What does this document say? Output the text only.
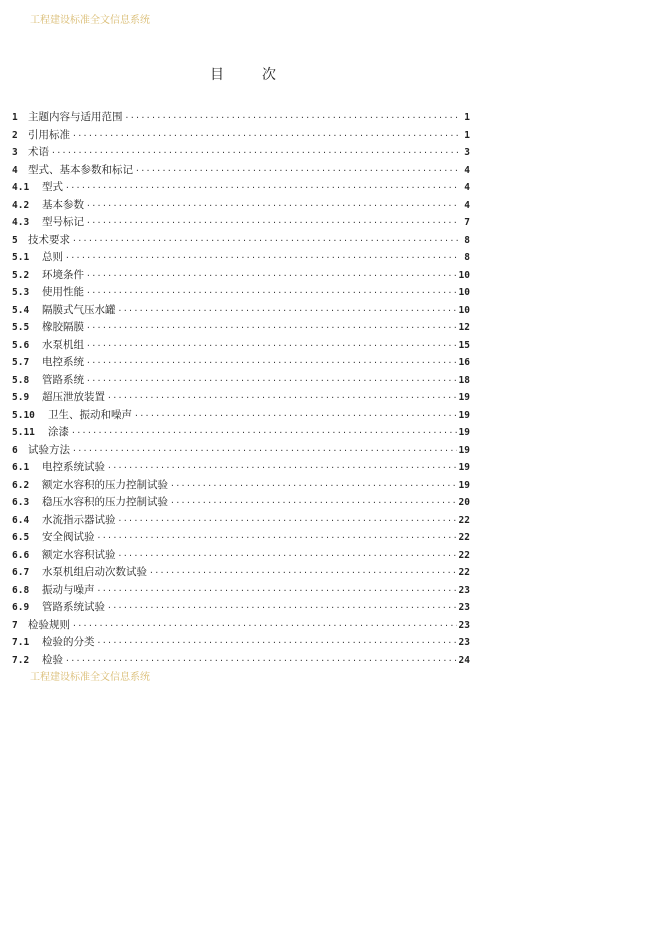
工程建设标准全文信息系统
目	次
1 主题内容与适用范围 ·····	1
2 引用标准 ·····	1
3 术语 ·····	3
4 型式、基本参数和标记 ·····	4
4.1	型式 ·····	4
4.2	基本参数 ·····	4
4.3	型号标记 ·····	7
5 技术要求 ·····	8
5.1	总则 ·····	8
5.2	环境条件 ·····	10
5.3	使用性能 ·····	10
5.4	隔膜式气压水罐 ·····	10
5.5	橡胶隔膜 ·····	12
5.6	水泵机组 ·····	15
5.7	电控系统 ·····	16
5.8	管路系统 ·····	18
5.9	超压泄放装置 ·····	19
5.10	卫生、振动和噪声 ·····	19
5.11	涂漆 ·····	19
6 试验方法 ·····	19
6.1	电控系统试验 ·····	19
6.2	额定水容积的压力控制试验 ·····	19
6.3	稳压水容积的压力控制试验 ·····	20
6.4	水流指示器试验 ·····	22
6.5	安全阀试验 ·····	22
6.6	额定水容积试验 ·····	22
6.7	水泵机组启动次数试验 ·····	22
6.8	振动与噪声 ·····	23
6.9	管路系统试验 ·····	23
7 检验规则 ·····	23
7.1	检验的分类 ·····	23
7.2	检验 ·····	24
工程建设标准全文信息系统
